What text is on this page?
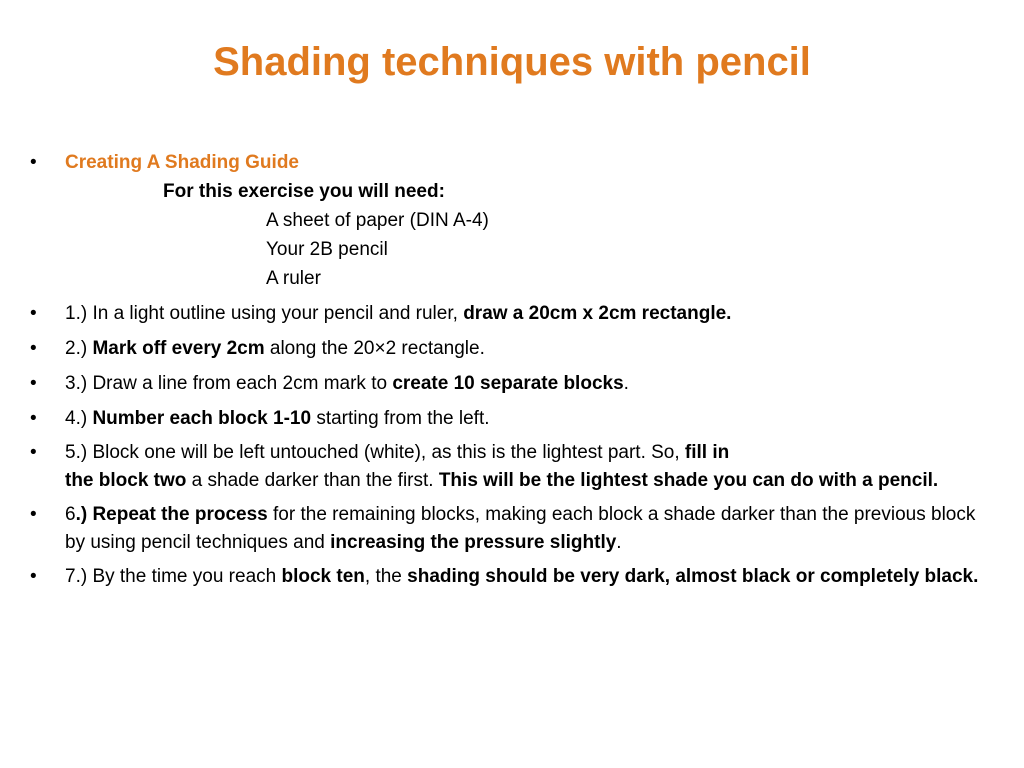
Shading techniques with pencil
•	Creating A Shading Guide
For this exercise you will need:
A sheet of paper (DIN A-4)
Your 2B pencil
A ruler
•	1.) In a light outline using your pencil and ruler, draw a 20cm x 2cm rectangle.
•	2.) Mark off every 2cm along the 20×2 rectangle.
•	3.) Draw a line from each 2cm mark to create 10 separate blocks.
•	4.) Number each block 1-10 starting from the left.
•	5.) Block one will be left untouched (white), as this is the lightest part. So, fill in
the block two a shade darker than the first. This will be the lightest shade you can do with a pencil.
•	6.) Repeat the process for the remaining blocks, making each block a shade darker than the previous block by using pencil techniques and increasing the pressure slightly.
•	7.) By the time you reach block ten, the shading should be very dark, almost black or completely black.
